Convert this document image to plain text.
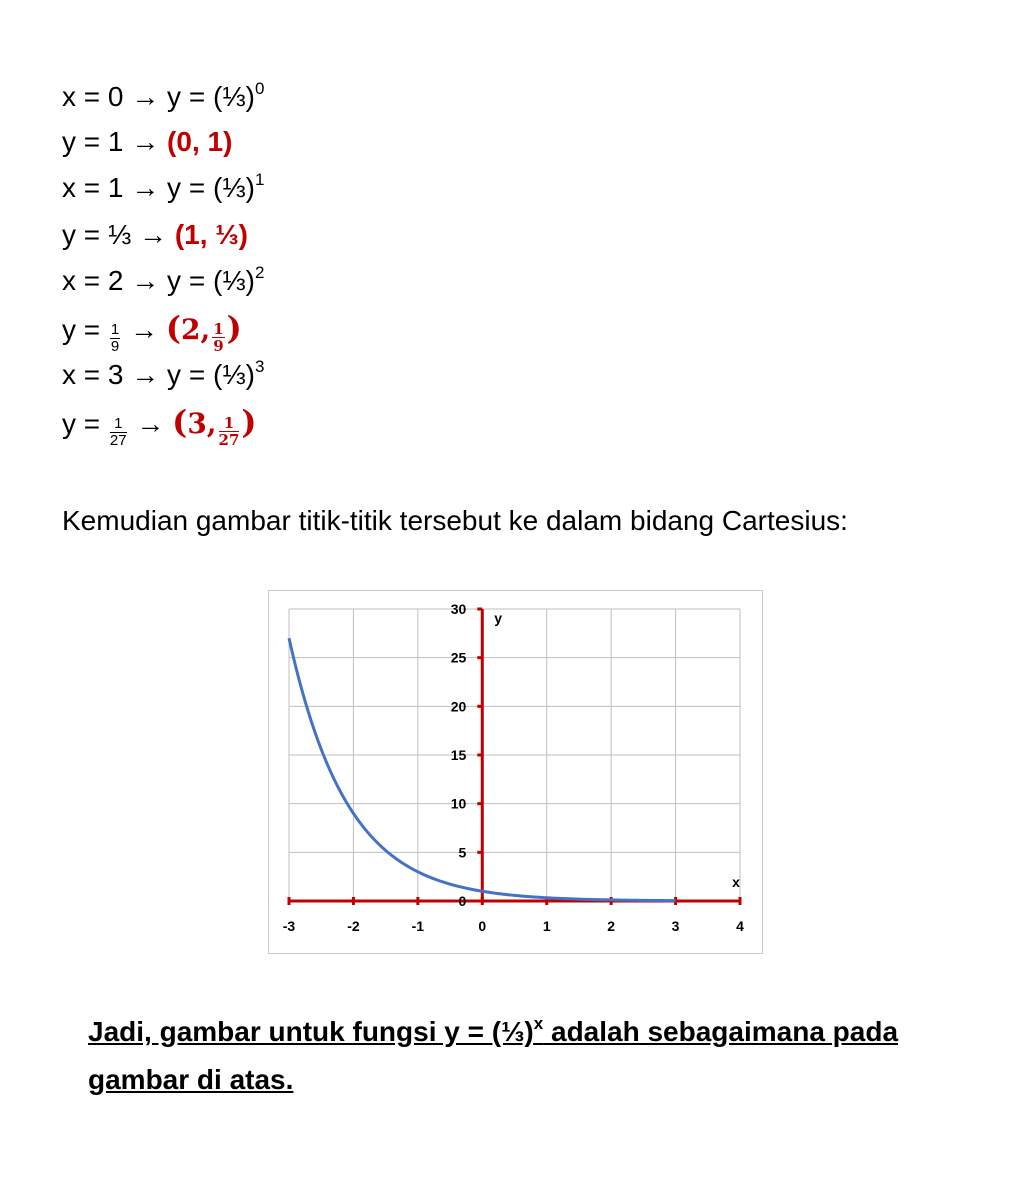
x = 0 → y = (⅓)$^0$
y = 1 → (0, 1)
x = 1 → y = (⅓)$^1$
y = ⅓ → (1, ⅓)
x = 2 → y = (⅓)$^2$
$y = \frac{1}{9} \to (2$, $\frac{1}{9}$ )
x = 3 → y = (⅓)$^3$
$y = \frac{1}{27} \to (3$, $\frac{1}{27}$ )
Kemudian gambar titik-titik tersebut ke dalam bidang Cartesius:
-3	-2	-1	0	1	2	3	4
0
5
10
15
20
25
30
y
x
Jadi, gambar untuk fungsi y = (⅓)$^x$ adalah sebagaimana pada gambar di atas.
